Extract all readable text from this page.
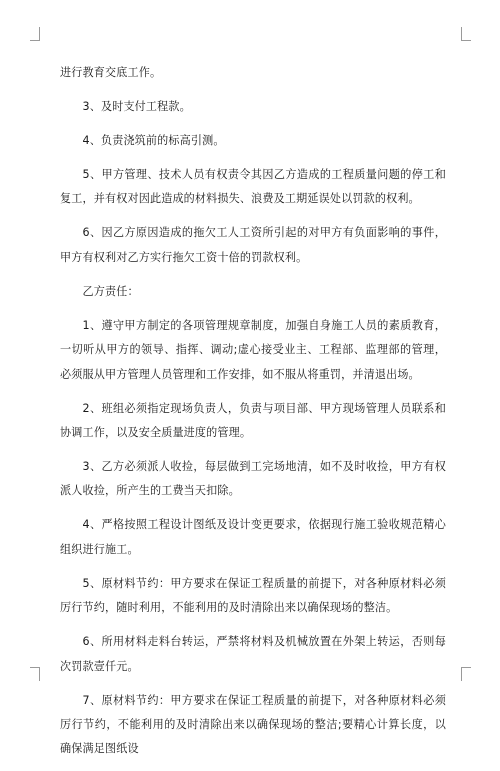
进行教育交底工作。

3、及时支付工程款。

4、负责浇筑前的标高引测。

5、甲方管理、技术人员有权责令其因乙方造成的工程质量问题的停工和复工，并有权对因此造成的材料损失、浪费及工期延误处以罚款的权利。

6、因乙方原因造成的拖欠工人工资所引起的对甲方有负面影响的事件，甲方有权利对乙方实行拖欠工资十倍的罚款权利。

乙方责任：

1、遵守甲方制定的各项管理规章制度，加强自身施工人员的素质教育，一切听从甲方的领导、指挥、调动;虚心接受业主、工程部、监理部的管理，必须服从甲方管理人员管理和工作安排，如不服从将重罚，并清退出场。

2、班组必须指定现场负责人，负责与项目部、甲方现场管理人员联系和协调工作，以及安全质量进度的管理。

3、乙方必须派人收捡，每层做到工完场地清，如不及时收捡，甲方有权派人收捡，所产生的工费当天扣除。

4、严格按照工程设计图纸及设计变更要求，依据现行施工验收规范精心组织进行施工。

5、原材料节约：甲方要求在保证工程质量的前提下，对各种原材料必须厉行节约，随时利用，不能利用的及时清除出来以确保现场的整洁。

6、所用材料走料台转运，严禁将材料及机械放置在外架上转运，否则每次罚款壹仟元。

7、原材料节约：甲方要求在保证工程质量的前提下，对各种原材料必须厉行节约，不能利用的及时清除出来以确保现场的整洁;要精心计算长度，以确保满足图纸设
